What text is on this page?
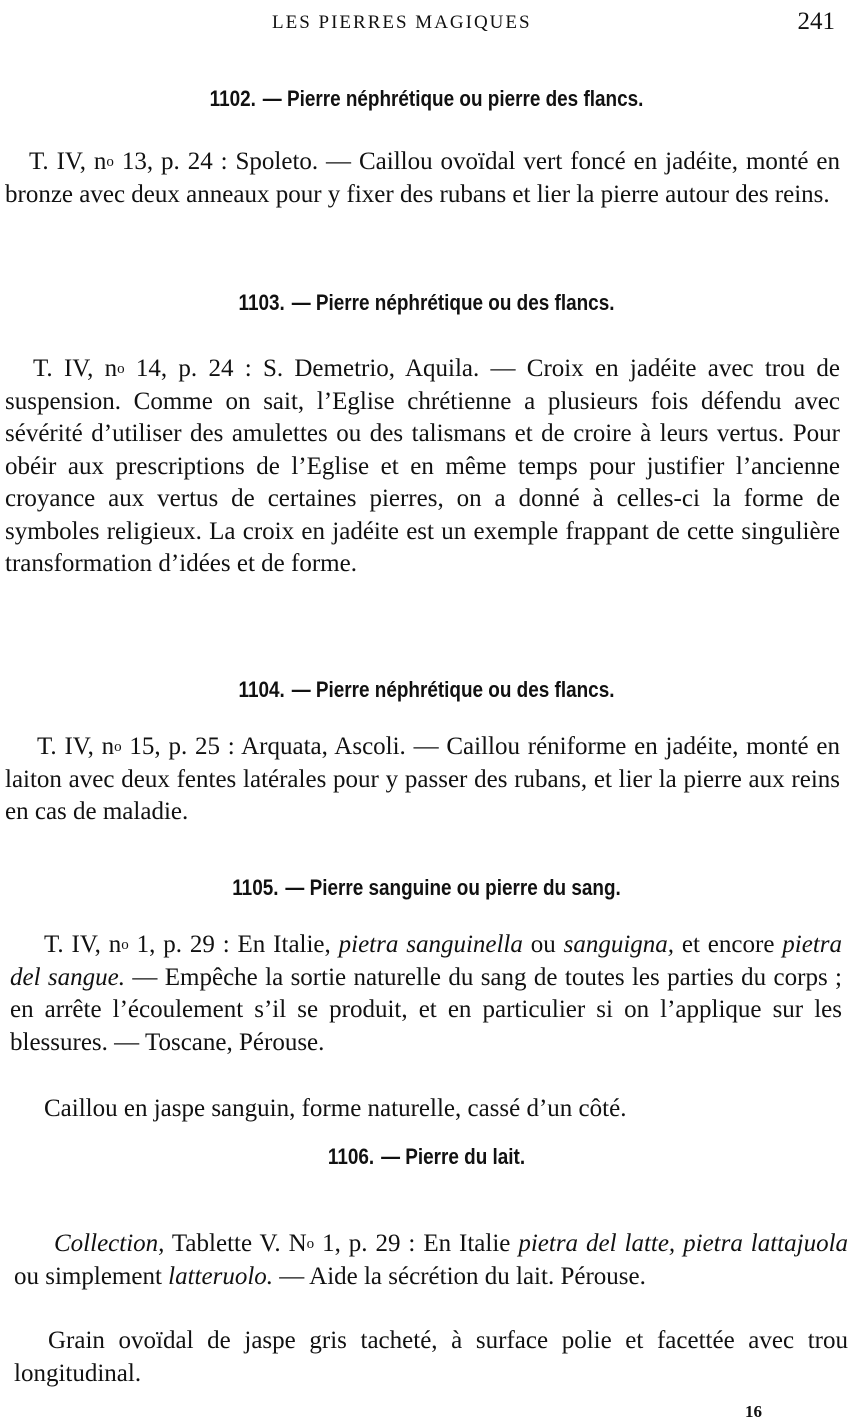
LES PIERRES MAGIQUES	241
1102. — Pierre néphrétique ou pierre des flancs.

T. IV, $n^o$ 13, p. 24 : Spoleto. — Caillou ovoïdal vert foncé en jadéite, monté en bronze avec deux anneaux pour y fixer des rubans et lier la pierre autour des reins.

1103. — Pierre néphrétique ou des flancs.

T. IV, $n^o$ 14, p. 24 : S. Demetrio, Aquila. — Croix en jadéite avec trou de suspension. Comme on sait, l’Eglise chrétienne a plusieurs fois défendu avec sévérité d’utiliser des amulettes ou des talismans et de croire à leurs vertus. Pour obéir aux prescriptions de l’Eglise et en même temps pour justifier l’ancienne croyance aux vertus de certaines pierres, on a donné à celles-ci la forme de symboles religieux. La croix en jadéite est un exemple frappant de cette singulière transformation d’idées et de forme.

1104. — Pierre néphrétique ou des flancs.

T. IV, $n^o$ 15, p. 25 : Arquata, Ascoli. — Caillou réniforme en jadéite, monté en laiton avec deux fentes latérales pour y passer des rubans, et lier la pierre aux reins en cas de maladie.

1105. — Pierre sanguine ou pierre du sang.

T. IV, $n^o$ 1, p. 29 : En Italie, pietra sanguinella ou sanguigna, et encore pietra del sangue. — Empêche la sortie naturelle du sang de toutes les parties du corps ; en arrête l’écoulement s’il se produit, et en particulier si on l’applique sur les blessures. — Toscane, Pérouse.

Caillou en jaspe sanguin, forme naturelle, cassé d’un côté.

1106. — Pierre du lait.

Collection, Tablette V. $N^o$ 1, p. 29 : En Italie pietra del latte, pietra lattajuola ou simplement latteruolo. — Aide la sécrétion du lait. Pérouse.

Grain ovoïdal de jaspe gris tacheté, à surface polie et facettée avec trou longitudinal.

16
